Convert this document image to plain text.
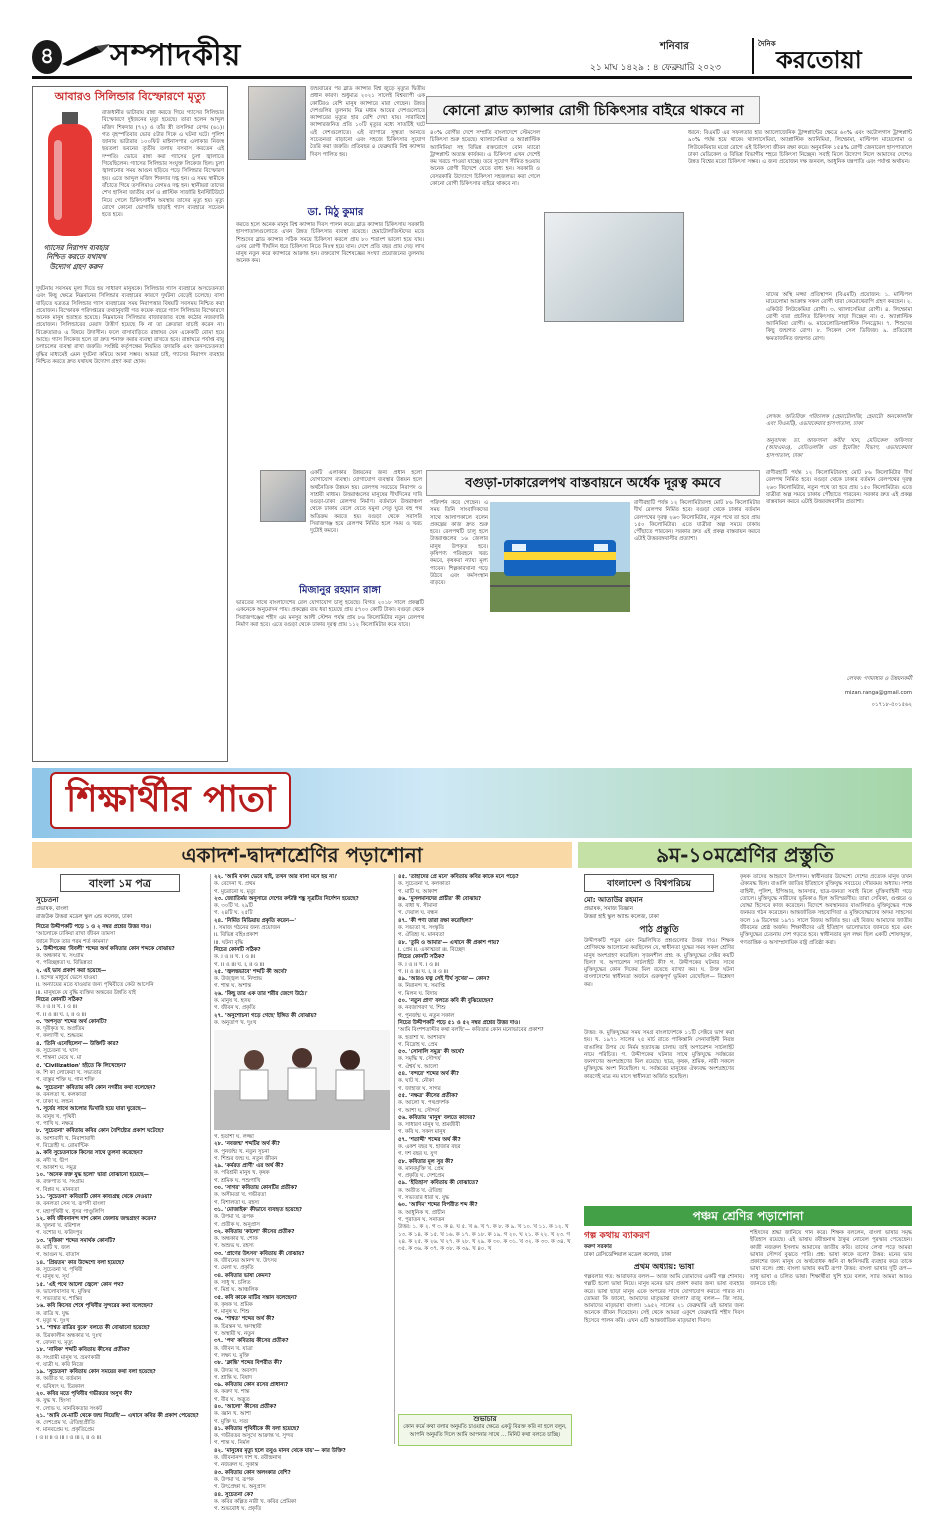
৪ সম্পাদকীয়	শনিবার
২১ মাঘ ১৪২৯ : ৪ ফেব্রুয়ারি ২০২৩
দৈনিক
করতোয়া
আবারও সিলিন্ডার বিস্ফোরণে মৃত্যু
রাজধানীর ভাটারায় রান্না করতে গিয়ে গ্যাসের সিলিন্ডার বিস্ফোরণে দুইজনের মৃত্যু হয়েছে। তারা হলেন আব্দুল মজিদ শিকদার (৭২) ও তাঁর স্ত্রী তসলিমা বেগম (৬১)। গত বৃহস্পতিবার ভোর ৫টার দিকে এ ঘটনা ঘটে। পুলিশ জানায় ভাটারার ১০০ফিট মাইনাসপার এলাকার নিজস্ব ছয়তলা ভবনের তৃতীয় তলায় বসবাস করতেন এই দম্পতি। ভোরে রান্না করা গ্যাসের চুলা জ্বালাতে গিয়েছিলেন। গ্যাসের সিলিন্ডার সংযুক্ত লিকেজ ছিল। চুলা জ্বালানোর সময় আগুন ছড়িয়ে পড়ে সিলিন্ডার বিস্ফোরণ হয়। এতে আব্দুল মজিদ শিকদার দগ্ধ হন। এ সময় স্বামীকে বাঁচাতে গিয়ে তসলিমাও বেগমও দগ্ধ হন। স্থানীয়রা তাদের শেখ হাসিনা জাতীয় বার্ন ও প্লাস্টিক সার্জারি ইনস্টিটিউটে নিয়ে গেলে চিকিৎসাধীন অবস্থায় তাদের মৃত্যু হয়। মৃত্যু রোগে কোনো ভোগান্তি ছাড়াই গ্যাস ব্যবহারে সচেতন হতে হবে।
গ্যাসের নিরাপদ ব্যবহার নিশ্চিত করতে যথাযথ উদ্যোগ গ্রহণ করুন
দুর্ঘটনায় সবসময় মূল্য দিতে হয় সাধারণ মানুষকে। সিলিন্ডার গ্যাস ব্যবহারে অসচেতনতা এবং কিছু ক্ষেত্রে নিম্নমানের সিলিন্ডার ব্যবহারের কারণে দুর্ঘটনা বেড়েই চলেছে। বাসা বাড়িতে যত্রতত্র সিলিন্ডার গ্যাস ব্যবহারের সময় নিরাপত্তার বিষয়টি সবসময় নিশ্চিত করা প্রয়োজন। বিস্ফোরক পরিদপ্তরের তথ্যানুযায়ী গত কয়েক বছরে গ্যাস সিলিন্ডার বিস্ফোরণে অনেক মানুষ হতাহত হয়েছে। নিম্নমানের সিলিন্ডার বাজারজাত বন্ধে কঠোর নজরদারি প্রয়োজন। সিলিন্ডারের মেয়াদ উত্তীর্ণ হয়েছে কি না তা ক্রেতারা যাচাই করেন না। বিক্রেতারাও এ বিষয়ে উদাসীন। ফলে বাসাবাড়িতে রান্নাঘর যেন একেকটি বোমা হয়ে আছে। গ্যাস লিকেজ হলে তা দ্রুত শনাক্ত করার ব্যবস্থা রাখতে হবে। রান্নাঘরে পর্যাপ্ত বায়ু চলাচলের ব্যবস্থা রাখা জরুরি। সংশ্লিষ্ট কর্তৃপক্ষের নিয়মিত তদারকি এবং জনসচেতনতা বৃদ্ধির মাধ্যমেই এমন দুর্ঘটনা কমিয়ে আনা সম্ভব। আমরা চাই, গ্যাসের নিরাপদ ব্যবহার নিশ্চিত করতে দ্রুত যথাযথ উদ্যোগ গ্রহণ করা হোক।
জন্মবারের পর ব্লাড ক্যান্সার বিশ্ব জুড়ে মৃত্যুর দ্বিতীয় প্রধান কারণ। শুধুমাত্র ২০২১ সালেই বিশ্বব্যাপী এক কোটিরও বেশি মানুষ ক্যান্সারে মারা গেছেন। উন্নত দেশগুলির তুলনায় নিম্ন মধ্যম আয়ের দেশগুলোতে ক্যান্সারের মৃত্যুর হার বেশি দেখা যায়। সারাবিশ্বে ক্যান্সারজনিত প্রতি ১০টি মৃত্যুর মধ্যে সাতটিই ঘটে এই দেশগুলোতে। এই ব্যাপারে সুস্থতা আনতে সচেতনতা বাড়ানো এবং সহজে চিকিৎসার সুযোগ তৈরি করা জরুরি। প্রতিবছর ৪ ফেব্রুয়ারি বিশ্ব ক্যান্সার দিবস পালিত হয়।
ডা. মিঠু কুমার
করতে হলে অনেক মানুষ বিশ্ব ক্যান্সার দিবস পালন করে। ব্লাড ক্যান্সার চিকিৎসায় সরকারি হাসপাতালগুলোতে এখন উন্নত চিকিৎসার ব্যবস্থা রয়েছে। হেমাটোলজিস্টদের মতে শিশুদের ব্লাড ক্যান্সার সঠিক সময়ে চিকিৎসা করলে প্রায় ৮০ শতাংশ ভালো হয়ে যায়। এসব রোগী দীর্ঘদিন ধরে চিকিৎসা নিতে নিঃস্ব হয়ে যান। দেশে প্রতি বছর প্রায় দেড় লাখ মানুষ নতুন করে ক্যান্সারে আক্রান্ত হন। রক্তরোগ বিশেষজ্ঞের সংখ্যা প্রয়োজনের তুলনায় অনেক কম।
কোনো ব্লাড ক্যান্সার রোগী চিকিৎসার বাইরে থাকবে না
৪০% রোগীর দেশে সম্প্রতি বাংলাদেশে স্টেমসেল চিকিৎসা শুরু হয়েছে। থ্যালাসেমিয়া ও অ্যাপ্লাস্টিক অ্যানিমিয়া সহ বিভিন্ন রক্তরোগে বোন ম্যারো ট্রান্সপ্লান্ট অত্যন্ত কার্যকর। এ চিকিৎসা এখন দেশেই কম খরচে পাওয়া যাচ্ছে। তবে সুযোগ সীমিত হওয়ায় অনেক রোগী বিদেশে যেতে বাধ্য হন। সরকারি ও বেসরকারি উদ্যোগে চিকিৎসা সহজলভ্য করা গেলে কোনো রোগী চিকিৎসার বাইরে থাকবে না।
ধরনে: বিএমটি এর সফলতার হার অ্যালোজেনিক ট্রান্সপ্লান্টের ক্ষেত্রে ৬০% এবং অটোলগাস ট্রান্সপ্লান্ট ৯০% পর্যন্ত হয়ে থাকে। থ্যালাসেমিয়া, অ্যাপ্লাস্টিক অ্যানিমিয়া, লিম্ফোমা, মাল্টিপল মায়েলোমা ও লিউকেমিয়ার মতো রোগে এই চিকিৎসা জীবন রক্ষা করে। অনুমানিক ১৫৪% রোগী জেনারেল হাসপাতালে ঢাকা মেডিকেল ও বিভিন্ন বিভাগীয় শহরে চিকিৎসা নিচ্ছেন। সবাই মিলে উদ্যোগ নিলে আমাদের দেশেও উন্নত বিশ্বের মতো চিকিৎসা সম্ভব। এ জন্য প্রয়োজন দক্ষ জনবল, আধুনিক যন্ত্রপাতি এবং পর্যাপ্ত অর্থায়ন।
যাদের অস্থি মজ্জা প্রতিস্থাপন (বিএমটি) প্রয়োজন: ১. মাল্টিপল মায়েলোমা আক্রান্ত সকল রোগী যারা কেমোথেরাপি গ্রহণ করছেন। ২. একিউট লিউকেমিয়া রোগী। ৩. থ্যালাসেমিয়া রোগী। ৪. লিম্ফোমা রোগী যারা প্রচলিত চিকিৎসায় সাড়া দিচ্ছেন না। ৫. অ্যাপ্লাস্টিক অ্যানিমিয়া রোগী। ৬. মায়েলোডিসপ্লাস্টিক সিনড্রোম। ৭. শিশুদের কিছু জন্মগত রোগ। ৮. সিকেল সেল ডিজিজ। ৯. প্রতিরোধ ক্ষমতাজনিত জন্মগত রোগ।
লেখক: অতিরিক্ত পরিচালক (হেমাটোলজি, হেমাটো অনকোলজি এবং বিএমটি), এভারকেয়ার হাসপাতাল, ঢাকা
অনুবাদক: ডা. আফসানা কবীর খান, মেডিকেল অফিসার (আরএমও), রেডিওলজি এন্ড ইমেজিং বিভাগ, এভারকেয়ার হাসপাতাল, ঢাকা
বগুড়া-ঢাকারেলপথ বাস্তবায়নে অর্ধেক দূরত্ব কমবে
একটি এলাকার উন্নয়নের জন্য প্রধান হলো যোগাযোগ ব্যবস্থা। যোগাযোগ ব্যবস্থার উন্নয়ন হলে অর্থনৈতিক উন্নয়ন হয়। রেলপথ সবচেয়ে নিরাপদ ও সাশ্রয়ী মাধ্যম। উত্তরাঞ্চলের মানুষের দীর্ঘদিনের দাবি বগুড়া-ঢাকা রেলপথ নির্মাণ। বর্তমানে উত্তরাঞ্চল থেকে ঢাকায় রেলে যেতে যমুনা সেতু ঘুরে বহু পথ অতিক্রম করতে হয়। বগুড়া থেকে সরাসরি সিরাজগঞ্জ হয়ে রেলপথ নির্মিত হলে সময় ও খরচ দুটোই কমবে।
মিজানুর রহমান রাঙ্গা
ভারতের সাথে বাংলাদেশের রেল যোগাযোগ চালু হয়েছে। বিগত ২০১৮ সালে প্রকল্পটি একনেকে অনুমোদন পায়। প্রকল্পের ব্যয় ধরা হয়েছে প্রায় ৫৭০০ কোটি টাকা। বগুড়া থেকে সিরাজগঞ্জের শহীদ এম মনসুর আলী স্টেশন পর্যন্ত প্রায় ৮৬ কিলোমিটার নতুন রেলপথ নির্মাণ করা হবে। এতে বগুড়া থেকে ঢাকার দূরত্ব প্রায় ১১২ কিলোমিটার কমে যাবে।
পরিদর্শন করে গেছেন। এ সময় তিনি সাংবাদিকদের সাথে আলাপকালে বলেন প্রকল্পের কাজ দ্রুত শুরু হবে। রেলপথটি চালু হলে উত্তরাঞ্চলের ১৬ জেলার মানুষ উপকৃত হবে। কৃষিপণ্য পরিবহনে খরচ কমবে, কৃষকরা ন্যায্য মূল্য পাবেন। শিল্পকারখানা গড়ে উঠবে এবং কর্মসংস্থান বাড়বে।
রাণীরহাটি পর্যন্ত ১২ কিলোমিটারসহ মোট ৮৬ কিলোমিটার দীর্ঘ রেলপথ নির্মিত হবে। বগুড়া থেকে ঢাকার বর্তমান রেলপথের দূরত্ব ২৬৩ কিলোমিটার, নতুন পথে তা হবে প্রায় ১৫০ কিলোমিটার। এতে যাত্রীরা অল্প সময়ে ঢাকায় পৌঁছাতে পারবেন। সরকার দ্রুত এই প্রকল্প বাস্তবায়ন করবে এটাই উত্তরবঙ্গবাসীর প্রত্যাশা।
রাণীরহাটি পর্যন্ত ১২ কিলোমিটারসহ মোট ৮৬ কিলোমিটার দীর্ঘ রেলপথ নির্মিত হবে। বগুড়া থেকে ঢাকার বর্তমান রেলপথের দূরত্ব ২৬৩ কিলোমিটার, নতুন পথে তা হবে প্রায় ১৫০ কিলোমিটার। এতে যাত্রীরা অল্প সময়ে ঢাকায় পৌঁছাতে পারবেন। সরকার দ্রুত এই প্রকল্প বাস্তবায়ন করবে এটাই উত্তরবঙ্গবাসীর প্রত্যাশা।
লেখক: গণমাধ্যম ও উন্নয়নকর্মী
mizan.ranga@gmail.com
০১৭১৮-৫০১৫৬২
শিক্ষার্থীর পাতা
একাদশ-দ্বাদশশ্রেণির পড়াশোনা	৯ম-১০মশ্রেণির প্রস্তুতি
বাংলা ১ম পত্র
সুচেতনা
প্রভাষক, বাংলা
রাজউক উত্তরা মডেল স্কুল এন্ড কলেজ, ঢাকা
নিচের উদ্দীপকটি পড়ে ১ ও ২ নম্বর প্রশ্নের উত্তর দাও।
'আলোকে ঢাকিয়া রাখা জীবন তামসা
জানে দিকে তার পরম শর্ত কামনা।'
১. উদ্দীপকের 'বিবলী' শব্দের অর্থ কবিতার কোন শব্দকে বোঝায়?
ক. অন্ধকার খ. সংগ্রাম
গ. পরিচ্ছন্নতা ঘ. বিভিন্নতা
২. এই ভাব প্রকাশ করা হয়েছে—
i. ছন্দের মাধুর্যে ভেসে যাওয়া
ii. অন্যায়ের মতে যাওয়ার জন্য পৃথিবীতে কেউ আসেনি
iii. মানুষকে যে বুদ্ধি ব্যক্তির অন্তরের উন্নতি যাই
নিচের কোনটি সঠিক?
ক. i ও ii খ. i ও iii
গ. ii ও iii ঘ. i, ii ও iii
৩. 'অপসৃত' শব্দের অর্থ কোনটি?
ক. দূরীকৃত খ. অপ্রতিম
গ. কল্যাণী ঘ. শুদ্ধতম
৪. 'তিনি এনেছিলেন'— উক্তিটি কার?
ক. সুচেতনা খ. ঘাস
গ. শান্তনা মেয়ে ঘ. মা
৫. 'Civilization' হইতে কি লিখেছেন?
ক. শি কা লোকেরা খ. সভ্যতার
গ. ব্যস্তুর শক্তি ঘ. গান শক্তি
৬. 'সুচেতনা' কবিতায় কবি কোন নগরীর কথা বলেছেন?
ক. বনলতা খ. কলকাতা
গ. ঢাকা ঘ. লন্ডন
৭. সূর্যের সাথে আলোর ভিখারি হয়ে যারা ঘুরেছে—
ক. মানুষ খ. পৃথিবী
গ. পাখি ঘ. নক্ষত্র
৮. 'সুচেতনা' কবিতায় কবির কোন বৈশিষ্ট্যের প্রকাশ ঘটেছে?
ক. আশাবাদী খ. নিরাশাবাদী
গ. বিদ্রোহী ঘ. রোমান্টিক
৯. কবি সুচেতনাকে কিসের সাথে তুলনা করেছেন?
ক. নদী খ. দ্বীপ
গ. আকাশ ঘ. সমুদ্র
১০. 'অনেক রক্ত যুদ্ধ হলো' দ্বারা বোঝানো হয়েছে—
ক. রক্তপাত খ. সংগ্রাম
গ. বিপ্লব ঘ. মানবতা
১১. 'সুচেতনা' কবিতাটি কোন কাব্যগ্রন্থ থেকে নেওয়া?
ক. বনলতা সেন খ. রূপসী বাংলা
গ. মহাপৃথিবী ঘ. ধূসর পাণ্ডুলিপি
১২. কবি জীবনানন্দ দাশ কোন জেলায় জন্মগ্রহণ করেন?
ক. খুলনা খ. বরিশাল
গ. যশোর ঘ. ফরিদপুর
১৩. 'মৃত্তিকা' শব্দের সমার্থক কোনটি?
ক. মাটি খ. জল
গ. আগুন ঘ. বাতাস
১৪. 'প্রিয়তম' কার উদ্দেশ্যে বলা হয়েছে?
ক. সুচেতনা খ. পৃথিবী
গ. মানুষ ঘ. সূর্য
১৫. 'এই পথে আলো জ্বেলে' কোন পথ?
ক. ভালোবাসার খ. মুক্তির
গ. সভ্যতার ঘ. শান্তির
১৬. কবি কিসের শেষে পৃথিবীর সুন্দরের কথা বলেছেন?
ক. রাত্রি খ. যুদ্ধ
গ. মৃত্যু ঘ. দুঃখ
১৭. 'শাশ্বত রাত্রির বুকে' বলতে কী বোঝানো হয়েছে?
ক. চিরকালীন অন্ধকার খ. দুঃখ
গ. বেদনা ঘ. মৃত্যু
১৮. 'নাবিক' শব্দটি কবিতায় কীসের প্রতীক?
ক. সংগ্রামী মানুষ খ. ভ্রমণকারী
গ. যাত্রী ঘ. কবি নিজে
১৯. 'সুচেতনা' কবিতায় কোন সময়ের কথা বলা হয়েছে?
ক. অতীত খ. বর্তমান
গ. ভবিষ্যৎ ঘ. চিরকাল
২০. কবির মতে পৃথিবীর গভীরতর অসুখ কী?
ক. যুদ্ধ খ. হিংসা
গ. লোভ ঘ. মানবিকতার সংকট
২১. 'আমি যে-মাটি থেকে জন্ম নিয়েছি'— এখানে কবির কী প্রকাশ পেয়েছে?
ক. দেশপ্রেম খ. ঐতিহ্যপ্রীতি
গ. মানবপ্রেম ঘ. প্রকৃতিপ্রেম
i ও ii ii ও iii i ও iii i, ii ও iii
২২. 'আমি যখন ভেবে যাই, তখন আর বাসা মনে হয় না।'
ক. বেদেনা খ. প্রথম
গ. মুচরানো ঘ. মৃত্যু
২৩. জ্যোতির্ময় অনুসারে দেশের কন্টাক্ট শঙ্কু সূত্রটির নির্দেশন হয়েছে?
ক. ৩০টি খ. ২৯টি
গ. ২৪টি ঘ. ২৫টি
২৪. 'নির্মিত মিডিয়ায় প্রকৃতি করেন—'
i. সমাজ গঠনের জন্য প্রয়োজন
ii. বিভিন্ন বহিঃপ্রকাশ
iii. ঘটনা বৃদ্ধি
নিচের কোনটি সঠিক?
ক. i ও ii খ. i ও iii
গ. ii ও iii ঘ. i, ii ও iii
২৫. 'জ্বলন্তভাবে' শব্দটি কী অর্থে?
ক. উজ্জ্বল খ. নিষ্প্রভ
গ. শান্ত ঘ. অশান্ত
২৬. 'কিছু তার এক তার শরীর জেগে উঠে।'
ক. মানুষ খ. হৃদয়
গ. জীবন ঘ. প্রকৃতি
২৭. 'অনুশোচনা গড়ে গেছে' ইঙ্গিত কী বোঝায়?
ক. অনুতাপ খ. দুঃখ
গ. হতাশা ঘ. লজ্জা
২৮. 'নবজন্ম' শব্দটির অর্থ কী?
ক. পুনর্জন্ম খ. নতুন সূচনা
গ. শিশুর জন্ম ঘ. নতুন জীবন
২৯. 'কর্মরত প্রাণী' এর অর্থ কী?
ক. পরিশ্রমী মানুষ খ. কৃষক
গ. শ্রমিক ঘ. পশুপাখি
৩০. 'সাগর' কবিতায় কোনটির প্রতীক?
ক. অসীমতা খ. গভীরতা
গ. বিশালতা ঘ. রহস্য
৩১. 'মোজাইক' কীভাবে ব্যবহৃত হয়েছে?
ক. উপমা খ. রূপক
গ. প্রতীক ঘ. অনুপ্রাস
৩২. কবিতায় 'কালো' কীসের প্রতীক?
ক. অন্ধকার খ. শোক
গ. অশুভ ঘ. রহস্য
৩৩. 'প্রাণের উৎসব' কবিতায় কী বোঝায়?
ক. জীবনের আনন্দ খ. উৎসব
গ. মেলা ঘ. প্রকৃতি
৩৪. কবিতার ভাষা কেমন?
ক. সাধু খ. চলিত
গ. মিশ্র ঘ. আঞ্চলিক
৩৫. কবি কাকে মাটির সন্তান বলেছেন?
ক. কৃষক খ. শ্রমিক
গ. মানুষ ঘ. শিশু
৩৬. 'শাশ্বত' শব্দের অর্থ কী?
ক. চিরন্তন খ. ক্ষণস্থায়ী
গ. অস্থায়ী ঘ. নতুন
৩৭. 'পথ' কবিতায় কীসের প্রতীক?
ক. জীবন খ. যাত্রা
গ. লক্ষ্য ঘ. মুক্তি
৩৮. 'ক্লান্তি' শব্দের বিপরীত কী?
ক. উদ্যম খ. অবসাদ
গ. শ্রান্তি ঘ. বিষাদ
৩৯. কবিতায় কোন রসের প্রাধান্য?
ক. করুণ খ. শান্ত
গ. বীর ঘ. অদ্ভুত
৪০. 'আলো' কীসের প্রতীক?
ক. জ্ঞান খ. আশা
গ. মুক্তি ঘ. সত্য
৪১. কবিতায় পৃথিবীকে কী বলা হয়েছে?
ক. গভীরতর অসুখে আক্রান্ত খ. সুন্দর
গ. শান্ত ঘ. নির্মল
৪২. 'মানুষের মৃত্যু হলে তবুও মানব থেকে যায়'— কার উক্তি?
ক. জীবনানন্দ দাশ খ. রবীন্দ্রনাথ
গ. নজরুল ঘ. সুকান্ত
৪৩. কবিতায় কোন অলংকার বেশি?
ক. উপমা খ. রূপক
গ. উৎপ্রেক্ষা ঘ. অনুপ্রাস
৪৪. সুচেতনা কে?
ক. কবির কল্পিত নারী খ. কবির প্রেমিকা
গ. শুভবোধ ঘ. প্রকৃতি
৪৫. 'তাহাদের প্রে মনে' কবিতায় কবির কাকে মনে পড়ে?
ক. সুচেতনা খ. কলকাতা
গ. মাটি ঘ. আকাশ
৪৬. 'মুসলমানদের প্রাচীর' কী বোঝায়?
ক. বাধা খ. সীমানা
গ. দেয়াল ঘ. বন্ধন
৪৭. 'কী পণ্য তারা রক্ষা করেছিল?'
ক. সভ্যতা খ. সংস্কৃতি
গ. ঐতিহ্য ঘ. মানবতা
৪৮. 'তুমি ও আমার'— এখানে কী প্রকাশ পায়?
i. প্রেম ii. একাত্মতা iii. বিচ্ছেদ
নিচের কোনটি সঠিক?
ক. i ও ii খ. i ও iii
গ. ii ও iii ঘ. i, ii ও iii
৪৯. 'আরও যত্ন সেই দীর্ঘ সুখের'— কোন?
ক. নিরানন্দ খ. সমাপ্তি
গ. মিলন ঘ. বিদায়
৫০. 'নতুন প্রাণ' বলতে কবি কী বুঝিয়েছেন?
ক. নবজাগরণ খ. শিশু
গ. পুনর্জন্ম ঘ. নতুন সকাল
নিচের উদ্দীপকটি পড়ে ৫১ ও ৫২ নম্বর প্রশ্নের উত্তর দাও।
'আমি বিংশশতাব্দীর কথা বলছি'— কবিতার কোন মনোভাবের প্রকাশ?
ক. হতাশা খ. আশাবাদ
গ. বিদ্রোহ ঘ. প্রেম
৫৩. 'সোনালি সমুদ্র' কী অর্থে?
ক. সমৃদ্ধি খ. সৌন্দর্য
গ. ঐশ্বর্য ঘ. আলো
৫৪. 'বন্দরে' শব্দের অর্থ কী?
ক. ঘাট খ. নৌকা
গ. জাহাজ ঘ. সাগর
৫৫. 'নক্ষত্র' কীসের প্রতীক?
ক. আলো খ. পথপ্রদর্শক
গ. আশা ঘ. সৌন্দর্য
৫৬. কবিতায় 'মানুষ' বলতে কাদের?
ক. সাধারণ মানুষ খ. শ্রমজীবী
গ. কবি ঘ. সকল মানুষ
৫৭. 'শতাব্দী' শব্দের অর্থ কী?
ক. একশ বছর খ. হাজার বছর
গ. দশ বছর ঘ. যুগ
৫৮. কবিতার মূল সুর কী?
ক. মানবমুক্তি খ. প্রেম
গ. প্রকৃতি ঘ. দেশপ্রেম
৫৯. 'ইতিহাস' কবিতায় কী বোঝাতে?
ক. অতীত খ. ঐতিহ্য
গ. সভ্যতার ধারা ঘ. যুদ্ধ
৬০. 'আদিম' শব্দের বিপরীত শব্দ কী?
ক. আধুনিক খ. প্রাচীন
গ. পুরাতন ঘ. সনাতন
উত্তর: ১. ক ২. গ ৩. ক ৪. ঘ ৫. খ ৬. খ ৭. ক ৮. ক ৯. খ ১০. খ ১১. ক ১২. খ ১৩. ক ১৪. ক ১৫. খ ১৬. ক ১৭. ক ১৮. ক ১৯. গ ২০. ঘ ২১. ক ২২. খ ২৩. গ ২৪. ক ২৫. ক ২৬. খ ২৭. ক ২৮. খ ২৯. ক ৩০. ক ৩১. খ ৩২. ক ৩৩. ক ৩৪. খ ৩৫. ক ৩৬. ক ৩৭. ক ৩৮. ক ৩৯. খ ৪০. খ
শুভাচার
কোন কর্মে কথা বলার অনুমতি চাওয়ার ক্ষেত্রে একটু বিরক্ত করি না হলে বলুন, আপনি অনুমতি দিলে আমি আপনার সাথে ... মিনিট কথা বলতে চাচ্ছি।
বাংলাদেশ ও বিশ্বপরিচয়
মো: আতাউর রহমান
প্রভাষক, সমাজ বিজ্ঞান
উত্তরা হাই স্কুল অ্যান্ড কলেজ, ঢাকা
পাঠ প্রস্তুতি
উদ্দীপকটি পড়ুন এবং নিম্নলিখিত প্রশ্নগুলোর উত্তর দাও। শিক্ষক শ্রেণিকক্ষে আলোচনা করছিলেন যে, স্বাধীনতা যুদ্ধের সময় সকল শ্রেণির মানুষ অংশগ্রহণ করেছিল। সৃজনশীল প্রশ্ন: ক. মুক্তিযুদ্ধের সেক্টর কয়টি ছিল? খ. অপারেশন সার্চলাইট কী? গ. উদ্দীপকের ঘটনার সাথে মুক্তিযুদ্ধের কোন দিকের মিল রয়েছে ব্যাখ্যা কর। ঘ. উক্ত ঘটনা বাংলাদেশের স্বাধীনতা অর্জনে গুরুত্বপূর্ণ ভূমিকা রেখেছিল— বিশ্লেষণ কর।
উত্তর: ক. মুক্তিযুদ্ধের সময় সমগ্র বাংলাদেশকে ১১টি সেক্টরে ভাগ করা হয়। খ. ১৯৭১ সালের ২৫ মার্চ রাতে পাকিস্তানি সেনাবাহিনী নিরস্ত্র বাঙালির উপর যে নির্মম হত্যাযজ্ঞ চালায় তাই অপারেশন সার্চলাইট নামে পরিচিত। গ. উদ্দীপকের ঘটনার সাথে মুক্তিযুদ্ধে সর্বস্তরের জনগণের অংশগ্রহণের মিল রয়েছে। ছাত্র, কৃষক, শ্রমিক, নারী সকলে মুক্তিযুদ্ধে অংশ নিয়েছিল। ঘ. সর্বস্তরের মানুষের ঐক্যবদ্ধ অংশগ্রহণের কারণেই মাত্র নয় মাসে স্বাধীনতা অর্জিত হয়েছিল।
কৃষক তাদের আহরণে উৎপাদন। স্বাধীনতার উদ্দেশ্যে দেশের প্রত্যেক মানুষ তখন ঐক্যবদ্ধ ছিল। বাঙালি জাতির ইতিহাসে মুক্তিযুদ্ধ সবচেয়ে গৌরবময় অধ্যায়। সশস্ত্র বাহিনী, পুলিশ, ইপিআর, আনসার, ছাত্র-জনতা সবাই মিলে মুক্তিবাহিনী গড়ে তোলে। মুক্তিযুদ্ধে নারীদের ভূমিকাও ছিল অবিস্মরণীয়। তারা সেবিকা, গুপ্তচর ও যোদ্ধা হিসেবে কাজ করেছেন। বিদেশে অবস্থানরত বাঙালিরাও মুক্তিযুদ্ধের পক্ষে জনমত গঠন করেছেন। আন্তর্জাতিক সহযোগিতা ও মুক্তিযোদ্ধাদের অদম্য সাহসের ফলে ১৬ ডিসেম্বর ১৯৭১ সালে বিজয় অর্জিত হয়। এই বিজয় আমাদের জাতীয় জীবনের শ্রেষ্ঠ অর্জন। শিক্ষার্থীদের এই ইতিহাস ভালোভাবে জানতে হবে এবং মুক্তিযুদ্ধের চেতনায় দেশ গড়তে হবে। স্বাধীনতার মূল লক্ষ্য ছিল একটি শোষণমুক্ত, গণতান্ত্রিক ও অসাম্প্রদায়িক রাষ্ট্র প্রতিষ্ঠা করা।
পঞ্চম শ্রেণির পড়াশোনা
গল্প কথায় ব্যাকরণ
করুণ সরকার
ঢাকা রেসিডেন্সিয়াল মডেল কলেজ, ঢাকা
প্রথম অধ্যায়: ভাষা
গল্পবলার গত: আরাফাত বলল— আজ আমি তোমাদের একটি গল্প শোনাব। গল্পটি হলো ভাষা নিয়ে। মানুষ মনের ভাব প্রকাশ করার জন্য ভাষা ব্যবহার করে। ভাষা ছাড়া মানুষ একে অপরের সাথে যোগাযোগ করতে পারত না। তোমরা কি জানো, আমাদের মাতৃভাষা বাংলা? রাজু বলল— জি স্যার, আমাদের মাতৃভাষা বাংলা। ১৯৫২ সালের ২১ ফেব্রুয়ারি এই ভাষার জন্য অনেকে জীবন দিয়েছেন। সেই থেকে আমরা একুশে ফেব্রুয়ারি শহীদ দিবস হিসেবে পালন করি। এখন এটি আন্তর্জাতিক মাতৃভাষা দিবস।
শহিদদের শ্রদ্ধা জানিয়ে গান করে। শিক্ষক বললেন, বাংলা ভাষার সমৃদ্ধ ইতিহাস রয়েছে। এই ভাষায় রবীন্দ্রনাথ ঠাকুর নোবেল পুরস্কার পেয়েছেন। কাজী নজরুল ইসলাম আমাদের জাতীয় কবি। তাদের লেখা পড়ে আমরা ভাষার সৌন্দর্য বুঝতে পারি। প্রশ্ন: ভাষা কাকে বলে? উত্তর: মনের ভাব প্রকাশের জন্য মানুষ যে অর্থবোধক ধ্বনি বা ধ্বনিসমষ্টি ব্যবহার করে তাকে ভাষা বলে। প্রশ্ন: বাংলা ভাষার কয়টি রূপ? উত্তর: বাংলা ভাষার দুটি রূপ— সাধু ভাষা ও চলিত ভাষা। শিক্ষার্থীরা খুশি হয়ে বলল, স্যার আমরা আরও জানতে চাই।
